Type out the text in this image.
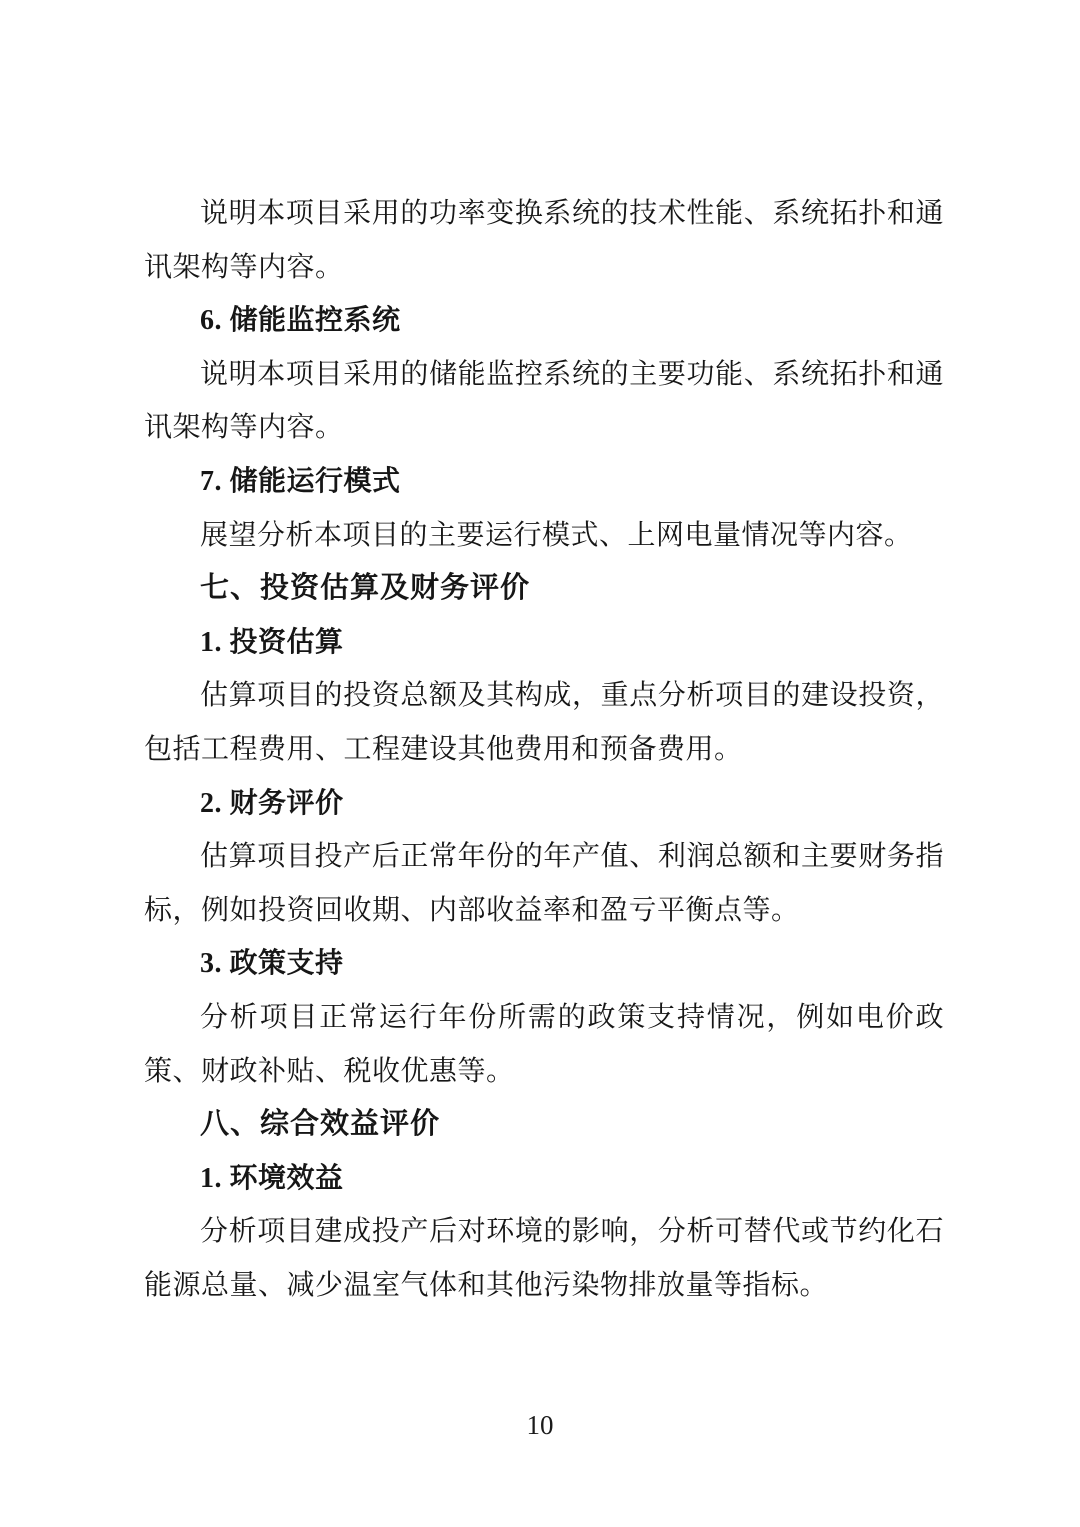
说明本项目采用的功率变换系统的技术性能、系统拓扑和通讯架构等内容。

6. 储能监控系统

说明本项目采用的储能监控系统的主要功能、系统拓扑和通讯架构等内容。

7. 储能运行模式

展望分析本项目的主要运行模式、上网电量情况等内容。

七、投资估算及财务评价
1. 投资估算

估算项目的投资总额及其构成，重点分析项目的建设投资，包括工程费用、工程建设其他费用和预备费用。

2. 财务评价

估算项目投产后正常年份的年产值、利润总额和主要财务指标，例如投资回收期、内部收益率和盈亏平衡点等。

3. 政策支持

分析项目正常运行年份所需的政策支持情况，例如电价政策、财政补贴、税收优惠等。

八、综合效益评价
1. 环境效益

分析项目建成投产后对环境的影响，分析可替代或节约化石能源总量、减少温室气体和其他污染物排放量等指标。

10
